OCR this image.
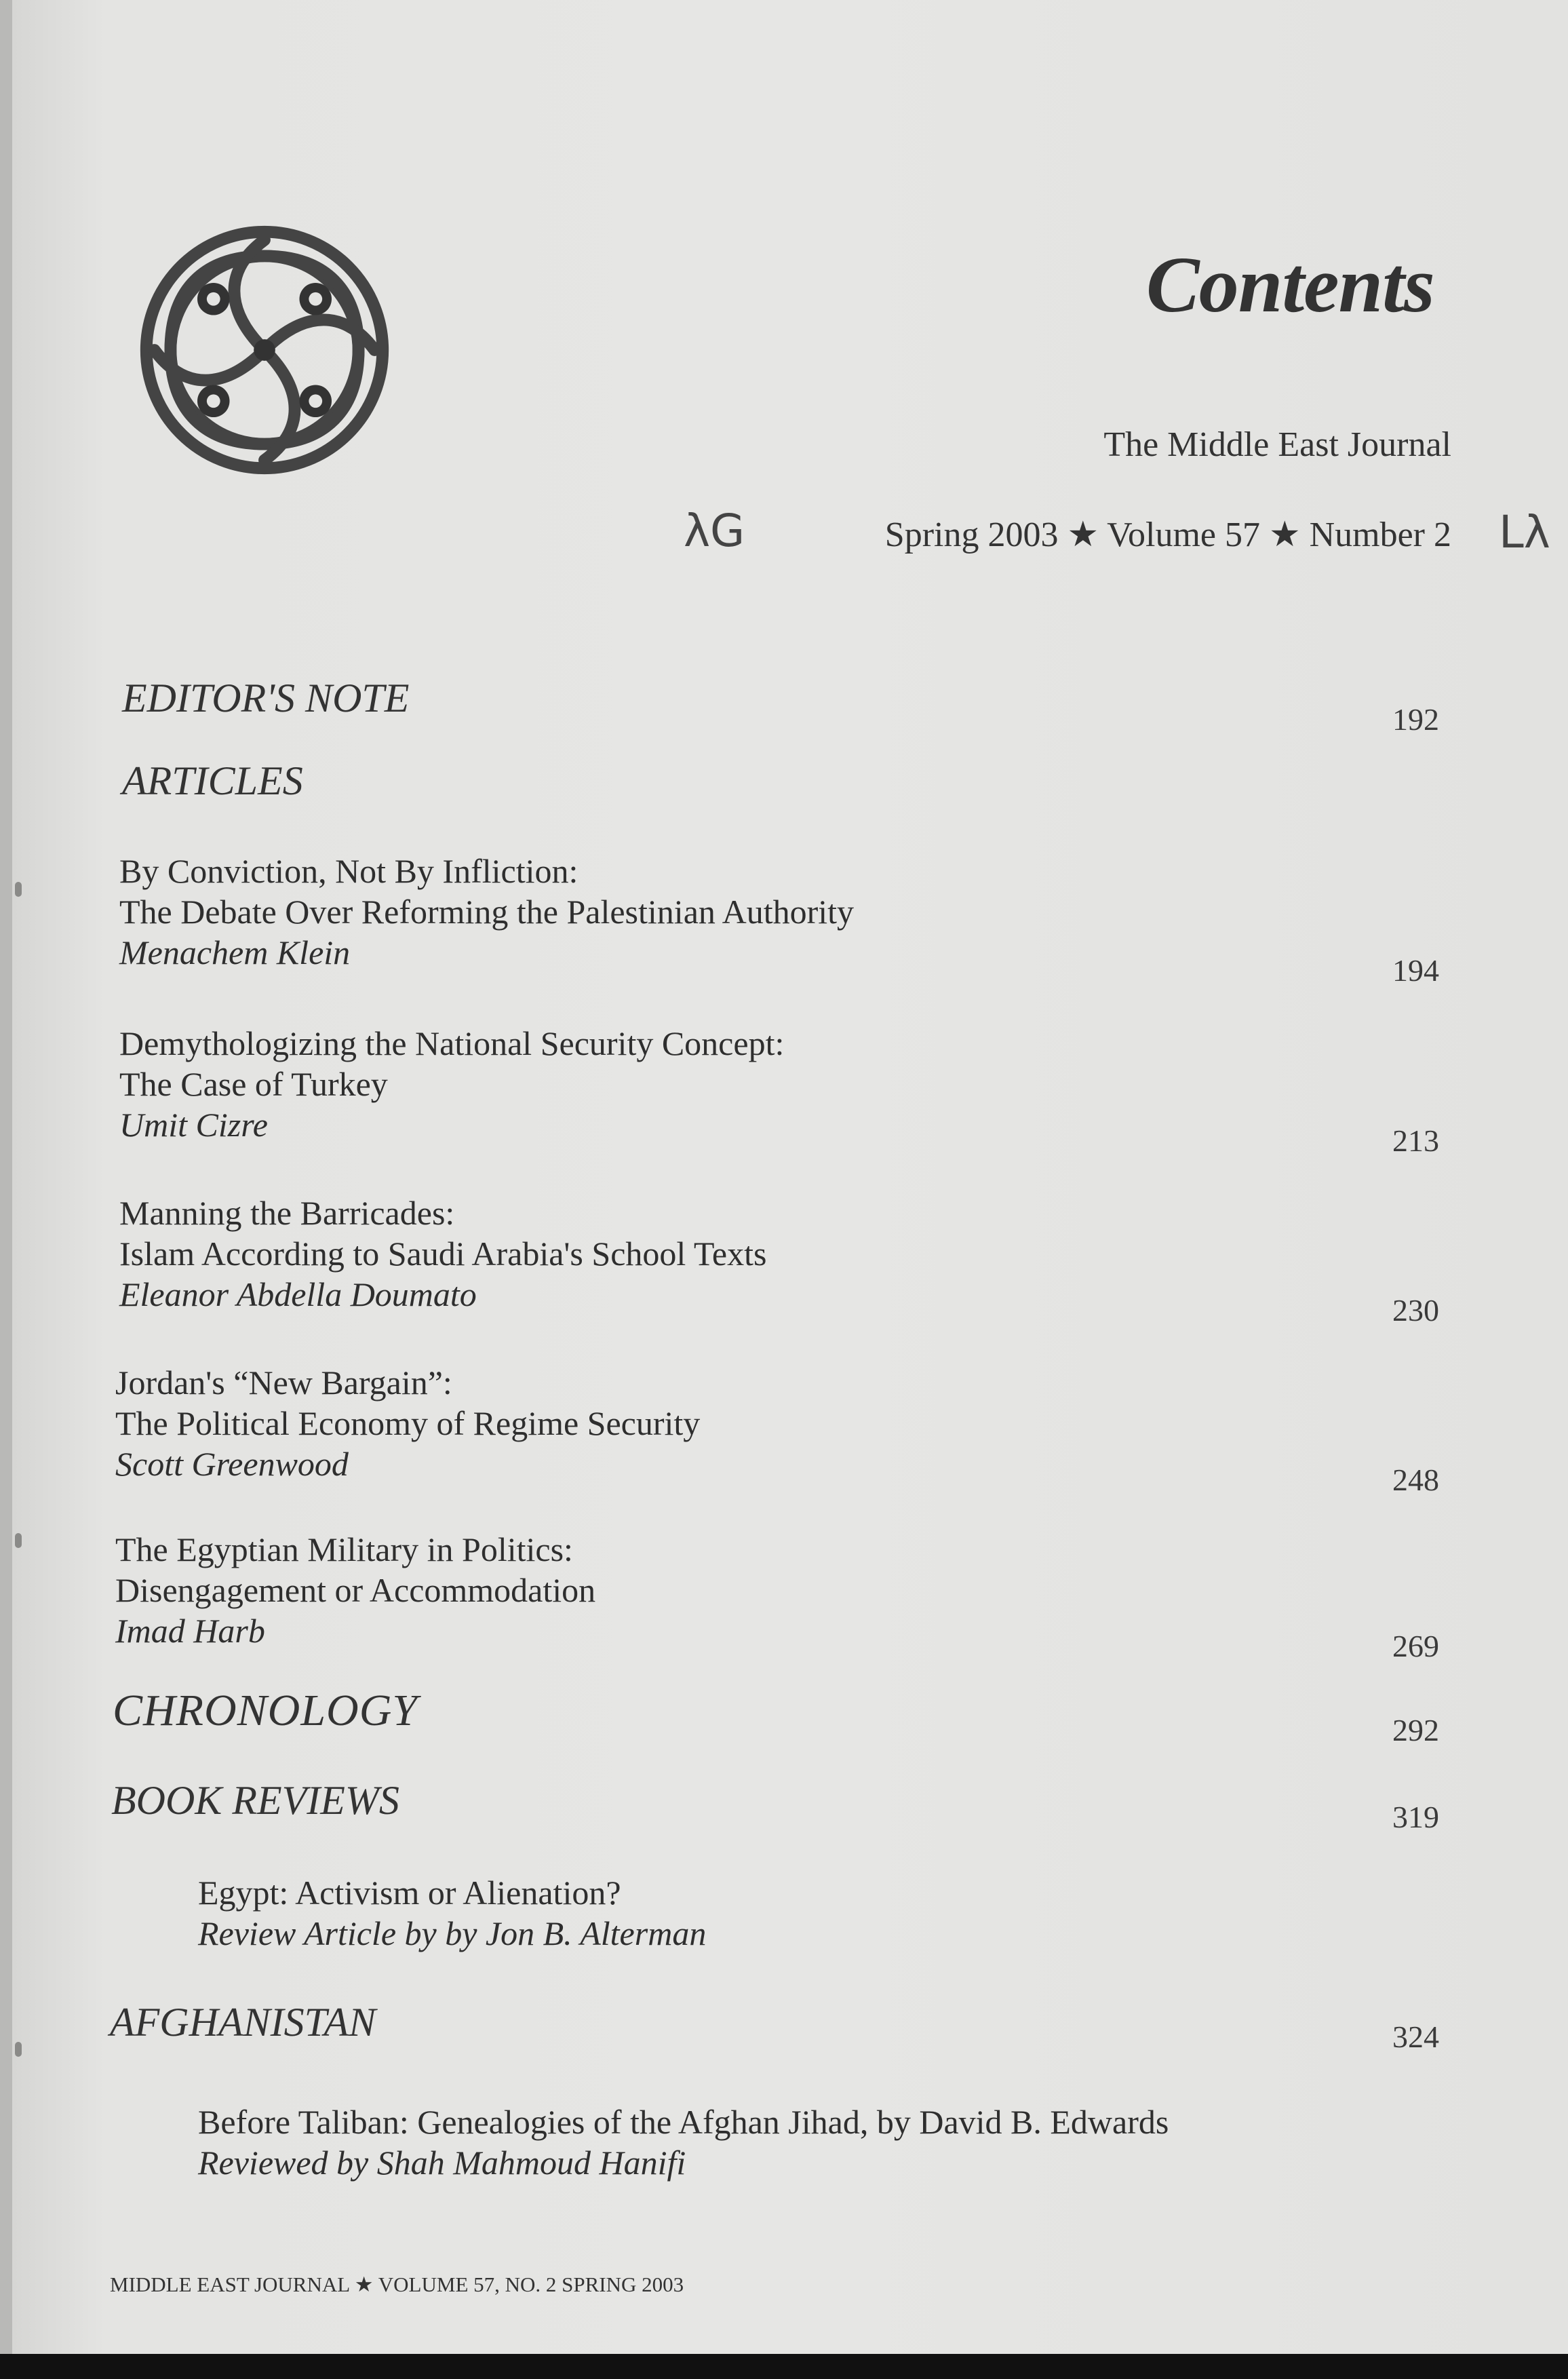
Contents
The Middle East Journal
λG	Spring 2003 ★ Volume 57 ★ Number 2 Lλ
EDITOR'S NOTE	192
ARTICLES
By Conviction, Not By Infliction:
The Debate Over Reforming the Palestinian Authority
Menachem Klein	194
Demythologizing the National Security Concept:
The Case of Turkey
Umit Cizre	213
Manning the Barricades:
Islam According to Saudi Arabia's School Texts
Eleanor Abdella Doumato	230
Jordan's “New Bargain”:
The Political Economy of Regime Security
Scott Greenwood	248
The Egyptian Military in Politics:
Disengagement or Accommodation
Imad Harb	269
CHRONOLOGY	292
BOOK REVIEWS	319
Egypt: Activism or Alienation?
Review Article by by Jon B. Alterman
AFGHANISTAN	324
Before Taliban: Genealogies of the Afghan Jihad, by David B. Edwards
Reviewed by Shah Mahmoud Hanifi
MIDDLE EAST JOURNAL ★ VOLUME 57, NO. 2 SPRING 2003
